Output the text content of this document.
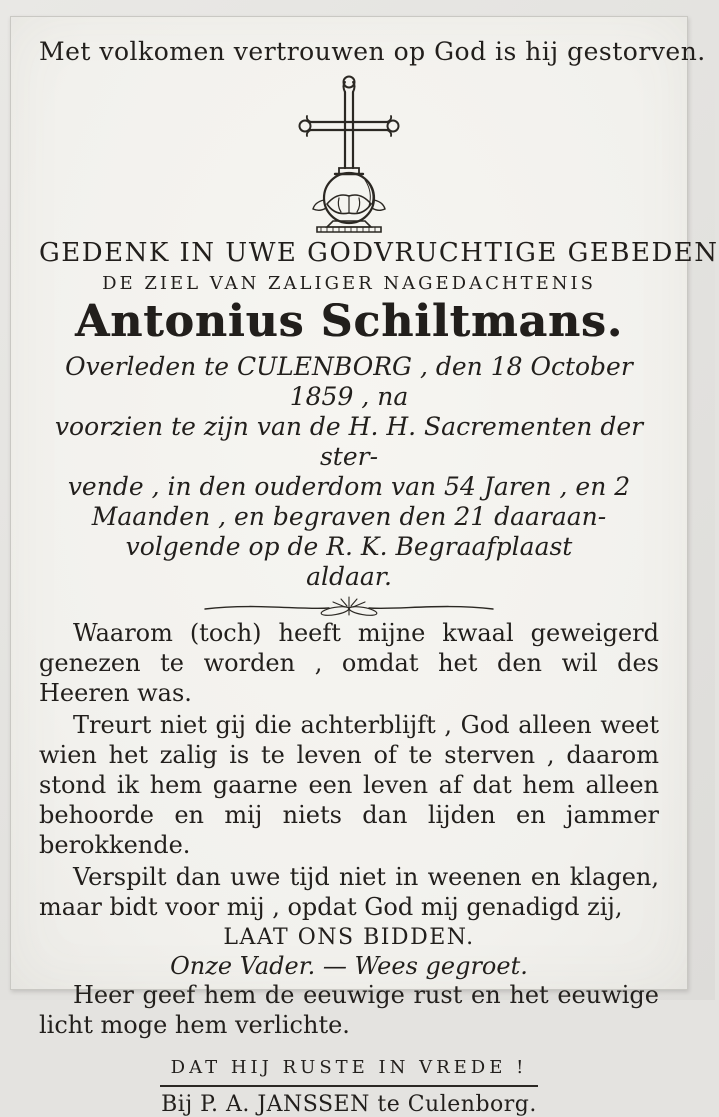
Met volkomen vertrouwen op God is hij gestorven.
GEDENK IN UWE GODVRUCHTIGE GEBEDEN
DE ZIEL VAN ZALIGER NAGEDACHTENIS
Antonius Schiltmans.
Overleden te CULENBORG , den 18 October 1859 , na
voorzien te zijn van de H. H. Sacrementen der ster-
vende , in den ouderdom van 54 Jaren , en 2
Maanden , en begraven den 21 daaraan-
volgende op de R. K. Begraafplaast
aldaar.

Waarom (toch) heeft mijne kwaal geweigerd genezen te worden , omdat het den wil des Heeren was.

Treurt niet gij die achterblijft , God alleen weet wien het zalig is te leven of te sterven , daarom stond ik hem gaarne een leven af dat hem alleen behoorde en mij niets dan lijden en jammer berokkende.

Verspilt dan uwe tijd niet in weenen en klagen, maar bidt voor mij , opdat God mij genadigd zij,

LAAT ONS BIDDEN.
Onze Vader. — Wees gegroet.

Heer geef hem de eeuwige rust en het eeuwige licht moge hem verlichte.

DAT HIJ RUSTE IN VREDE !
Bij P. A. JANSSEN te Culenborg.
